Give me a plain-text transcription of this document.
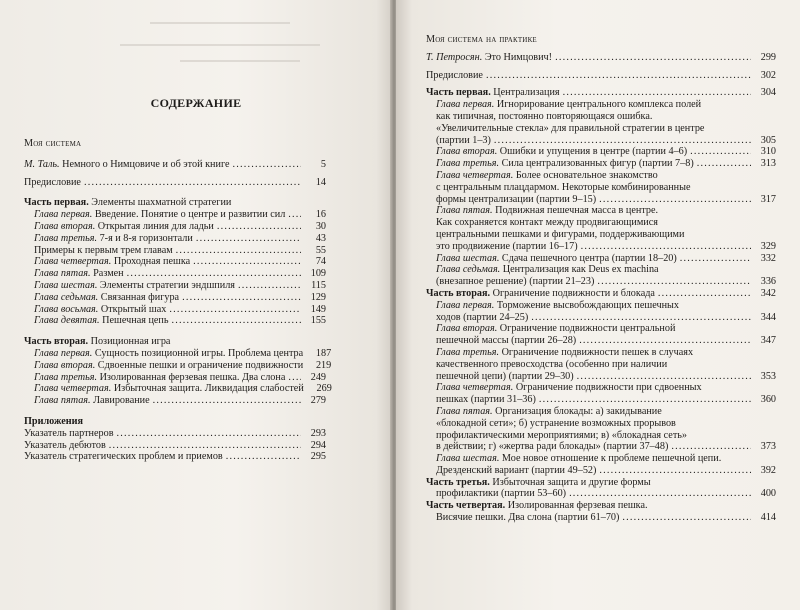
СОДЕРЖАНИЕ
Моя система
М. Таль. Немного о Нимцовиче и об этой книге .....	5
Предисловие .....	14
Часть первая. Элементы шахматной стратегии
Глава первая. Введение. Понятие о центре и развитии сил .....	16
Глава вторая. Открытая линия для ладьи .....	30
Глава третья. 7-я и 8-я горизонтали .....	43
Примеры к первым трем главам .....	55
Глава четвертая. Проходная пешка .....	74
Глава пятая. Размен .....	109
Глава шестая. Элементы стратегии эндшпиля .....	115
Глава седьмая. Связанная фигура .....	129
Глава восьмая. Открытый шах .....	149
Глава девятая. Пешечная цепь .....	155
Часть вторая. Позиционная игра
Глава первая. Сущность позиционной игры. Проблема центра	187
Глава вторая. Сдвоенные пешки и ограничение подвижности	219
Глава третья. Изолированная ферзевая пешка. Два слона .....	249
Глава четвертая. Избыточная защита. Ликвидация слабостей	269
Глава пятая. Лавирование .....	279
Приложения
Указатель партнеров .....	293
Указатель дебютов .....	294
Указатель стратегических проблем и приемов .....	295
Моя система на практике
Т. Петросян. Это Нимцович! .....	299
Предисловие .....	302
Часть первая. Централизация .....	304
Глава первая. Игнорирование центрального комплекса полей
как типичная, постоянно повторяющаяся ошибка.
«Увеличительные стекла» для правильной стратегии в центре
(партии 1–3) .....	305
Глава вторая. Ошибки и упущения в центре (партии 4–6) .....	310
Глава третья. Сила централизованных фигур (партии 7–8) .....	313
Глава четвертая. Более основательное знакомство
с центральным плацдармом. Некоторые комбинированные
формы централизации (партии 9–15) .....	317
Глава пятая. Подвижная пешечная масса в центре.
Как сохраняется контакт между продвигающимися
центральными пешками и фигурами, поддерживающими
это продвижение (партии 16–17) .....	329
Глава шестая. Сдача пешечного центра (партии 18–20) .....	332
Глава седьмая. Централизация как Deus ex machina
(внезапное решение) (партии 21–23) .....	336
Часть вторая. Ограничение подвижности и блокада .....	342
Глава первая. Торможение высвобождающих пешечных
ходов (партии 24–25) .....	344
Глава вторая. Ограничение подвижности центральной
пешечной массы (партии 26–28) .....	347
Глава третья. Ограничение подвижности пешек в случаях
качественного превосходства (особенно при наличии
пешечной цепи) (партии 29–30) .....	353
Глава четвертая. Ограничение подвижности при сдвоенных
пешках (партии 31–36) .....	360
Глава пятая. Организация блокады: а) закидывание
«блокадной сети»; б) устранение возможных прорывов
профилактическими мероприятиями; в) «блокадная сеть»
в действии; г) «жертва ради блокады» (партии 37–48) .....	373
Глава шестая. Мое новое отношение к проблеме пешечной цепи.
Дрезденский вариант (партии 49–52) .....	392
Часть третья. Избыточная защита и другие формы
профилактики (партии 53–60) .....	400
Часть четвертая. Изолированная ферзевая пешка.
Висячие пешки. Два слона (партии 61–70) .....	414
